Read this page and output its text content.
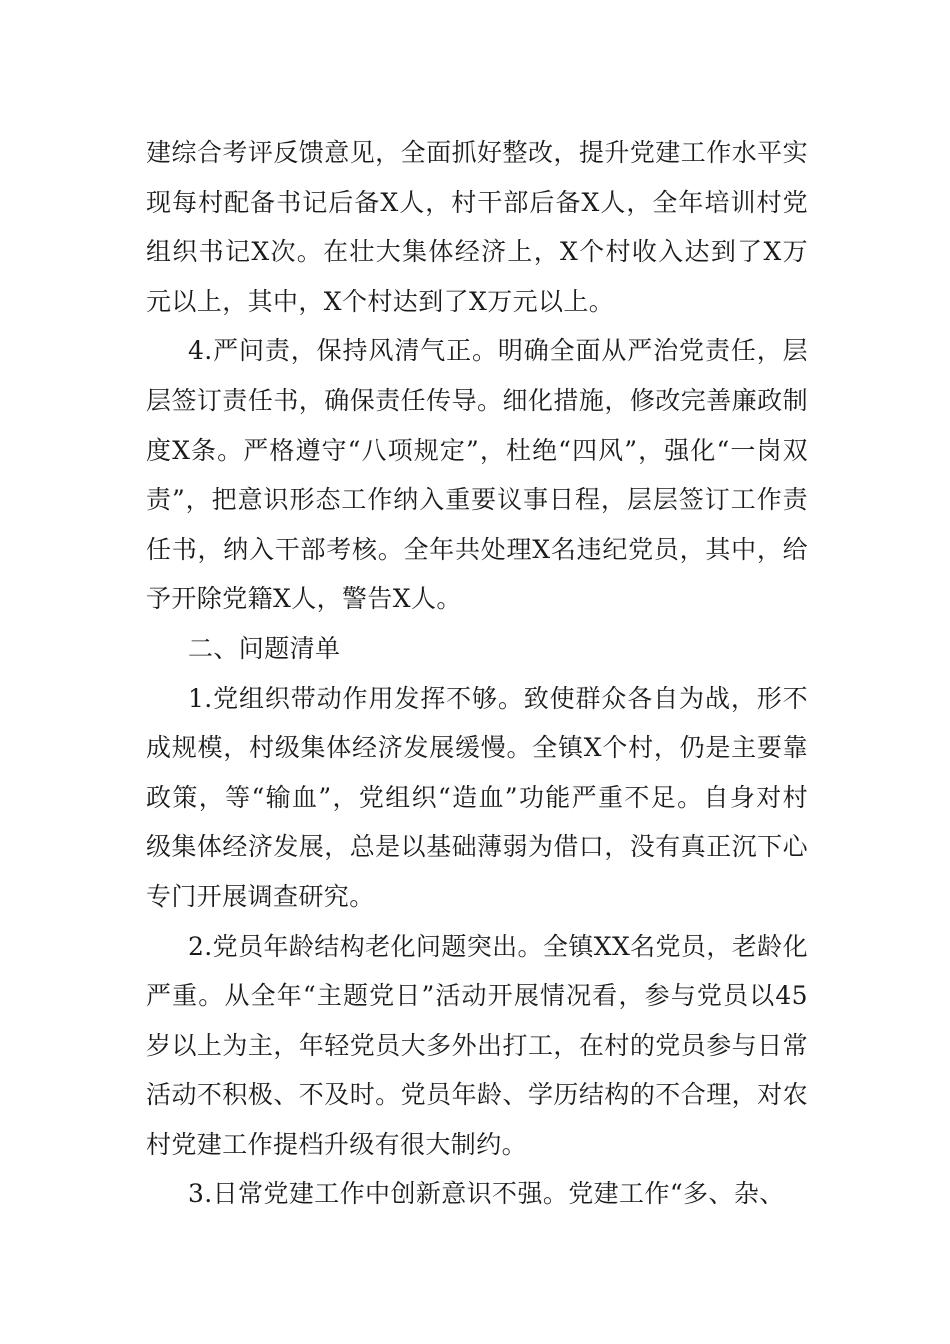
建综合考评反馈意见，全面抓好整改，提升党建工作水平实现每村配备书记后备X人，村干部后备X人，全年培训村党组织书记X次。在壮大集体经济上，X个村收入达到了X万元以上，其中，X个村达到了X万元以上。

4.严问责，保持风清气正。明确全面从严治党责任，层层签订责任书，确保责任传导。细化措施，修改完善廉政制度X条。严格遵守“八项规定”，杜绝“四风”，强化“一岗双责”，把意识形态工作纳入重要议事日程，层层签订工作责任书，纳入干部考核。全年共处理X名违纪党员，其中，给予开除党籍X人，警告X人。

二、问题清单

1.党组织带动作用发挥不够。致使群众各自为战，形不成规模，村级集体经济发展缓慢。全镇X个村，仍是主要靠政策，等“输血”，党组织“造血”功能严重不足。自身对村级集体经济发展，总是以基础薄弱为借口，没有真正沉下心专门开展调查研究。

2.党员年龄结构老化问题突出。全镇XX名党员，老龄化严重。从全年“主题党日”活动开展情况看，参与党员以45岁以上为主，年轻党员大多外出打工，在村的党员参与日常活动不积极、不及时。党员年龄、学历结构的不合理，对农村党建工作提档升级有很大制约。

3.日常党建工作中创新意识不强。党建工作“多、杂、
